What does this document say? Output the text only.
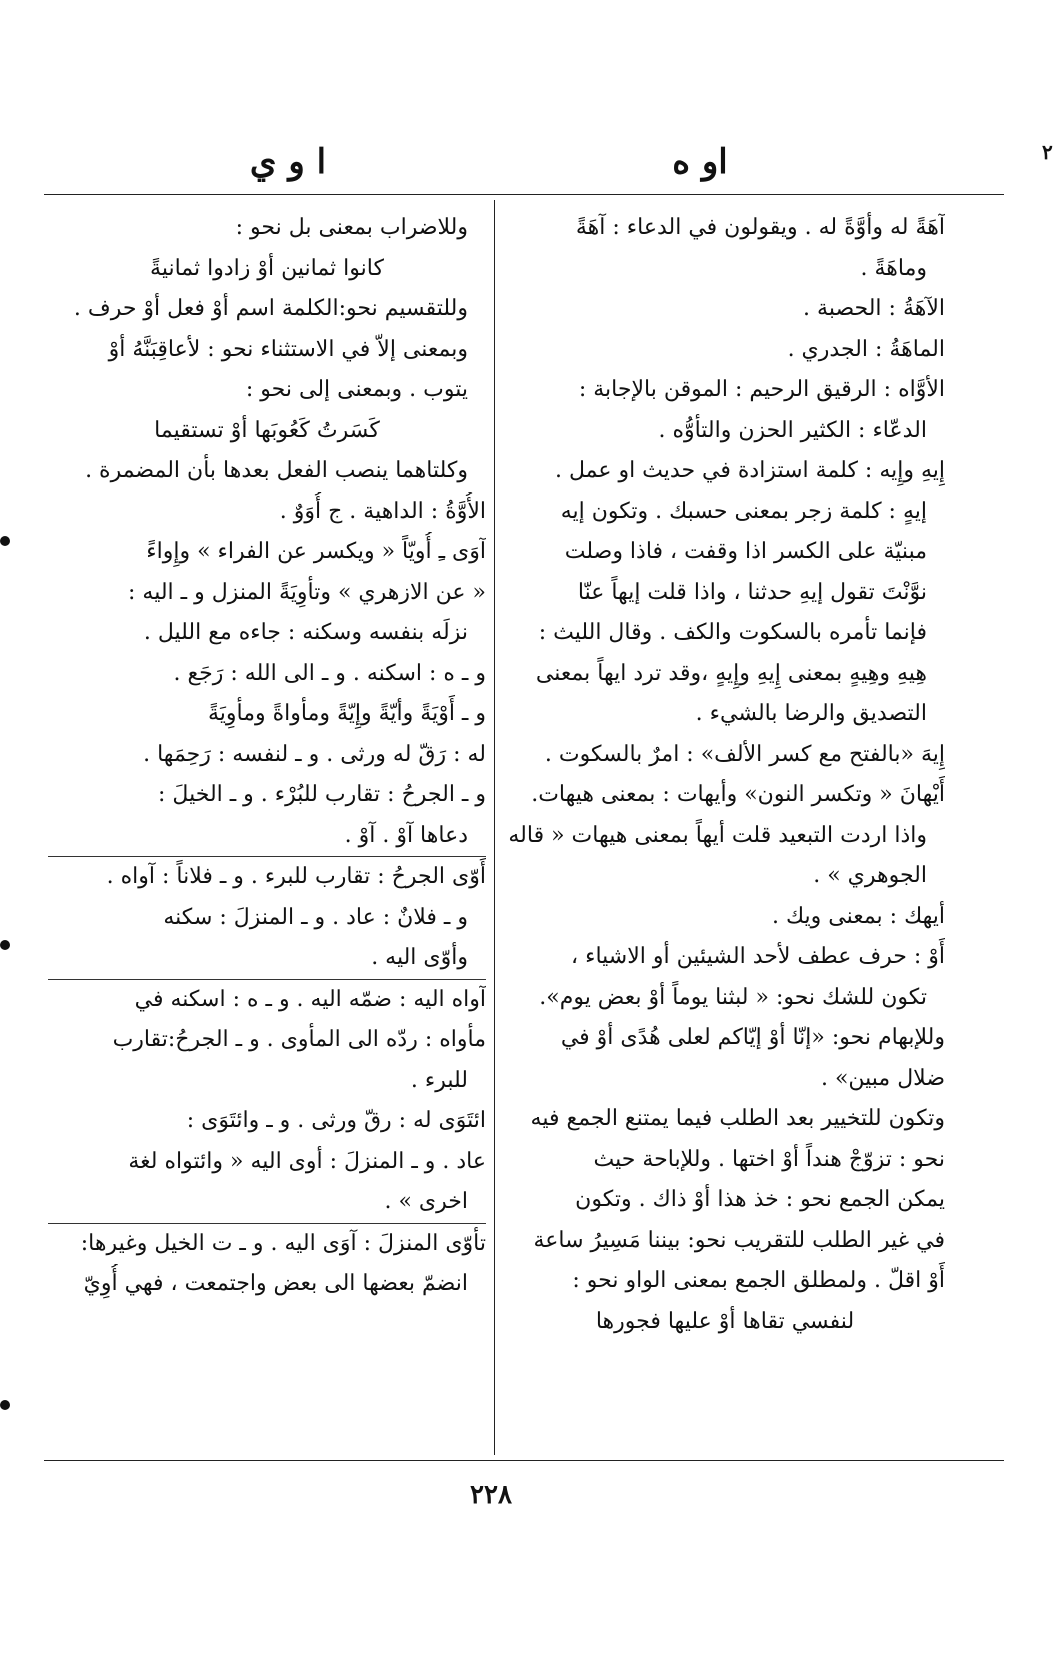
٢
او ه
ا و ي
آهَةً له وأوَّةً له . ويقولون في الدعاء : آهَةً
وماهَةً .
الآهَةُ : الحصبة .
الماهَةُ : الجدري .
الأوَّاه : الرقيق الرحيم : الموقن بالإجابة :
الدعّاء : الكثير الحزن والتأوُّه .
إِيهِ وإِيه : كلمة استزادة في حديث او عمل .
إيهٍ : كلمة زجر بمعنى حسبك . وتكون إيه
مبنيّة على الكسر اذا وقفت ، فاذا وصلت
نوَّنْتَ تقول إيهِ حدثنا ، واذا قلت إيهاً عنّا
فإنما تأمره بالسكوت والكف . وقال الليث :
هِيهِ وهِيهٍ بمعنى إِيهِ وإِيهٍ ،وقد ترد ايهاً بمعنى
التصديق والرضا بالشيء .
إِيهَ «بالفتح مع كسر الألف» : امرٌ بالسكوت .
أَيْهانَ « وتكسر النون» وأيهات : بمعنى هيهات.
واذا اردت التبعيد قلت أيهاً بمعنى هيهات « قاله
الجوهري » .
أيهك : بمعنى ويك .
أَوْ : حرف عطف لأحد الشيئين أو الاشياء ،
تكون للشك نحو: « لبثنا يوماً أوْ بعض يوم».
وللإبهام نحو: «إنّا أوْ إيّاكم لعلى هُدًى أوْ في
ضلال مبين» .
وتكون للتخيير بعد الطلب فيما يمتنع الجمع فيه
نحو : تزوّجْ هنداً أوْ اختها . وللإباحة حيث
يمكن الجمع نحو : خذ هذا أوْ ذاك . وتكون
في غير الطلب للتقريب نحو: بيننا مَسِيرُ ساعة
أَوْ اقلّ . ولمطلق الجمع بمعنى الواو نحو :
لنفسي تقاها أوْ عليها فجورها
وللاضراب بمعنى بل نحو :
كانوا ثمانين أوْ زادوا ثمانيةً
وللتقسيم نحو:الكلمة اسم أوْ فعل أوْ حرف .
وبمعنى إلاّ في الاستثناء نحو : لأعاقِبَنَّهُ أوْ
يتوب . وبمعنى إلى نحو :
كَسَرتُ كَعُوبَها أوْ تستقيما
وكلتاهما ينصب الفعل بعدها بأن المضمرة .
الأُوَّةُ : الداهية . ج أُوَوٌ .
آوَى ـِ أُويّاً « ويكسر عن الفراء » وإِواءً
« عن الازهري » وتأوِيَةً المنزل و ـ اليه :
نزلَه بنفسه وسكنه : جاءه مع الليل .
و ـ ه : اسكنه . و ـ الى الله : رَجَع .
و ـ أَوْيَةً وأيّةً وإِيّةً ومأواةً ومأوِيَةً
له : رَقّ له ورثى . و ـ لنفسه : رَحِمَها .
و ـ الجرحُ : تقارب للبُرْء . و ـ الخيلَ :
دعاها آوْ . آوْ .
أَوّى الجرحُ : تقارب للبرء . و ـ فلاناً : آواه .
و ـ فلانٌ : عاد . و ـ المنزلَ : سكنه
وأوّى اليه .
آواه اليه : ضمّه اليه . و ـ ه : اسكنه في
مأواه : ردّه الى المأوى . و ـ الجرحُ:تقارب
للبرء .
ائتَوَى له : رقّ ورثى . و ـ وائتَوَى :
عاد . و ـ المنزلَ : أوى اليه « وائتواه لغة
اخرى » .
تأوّى المنزلَ : آوَى اليه . و ـ ت الخيل وغيرها:
انضمّ بعضها الى بعض واجتمعت ، فهي أُوِيّ
٢٢٨
